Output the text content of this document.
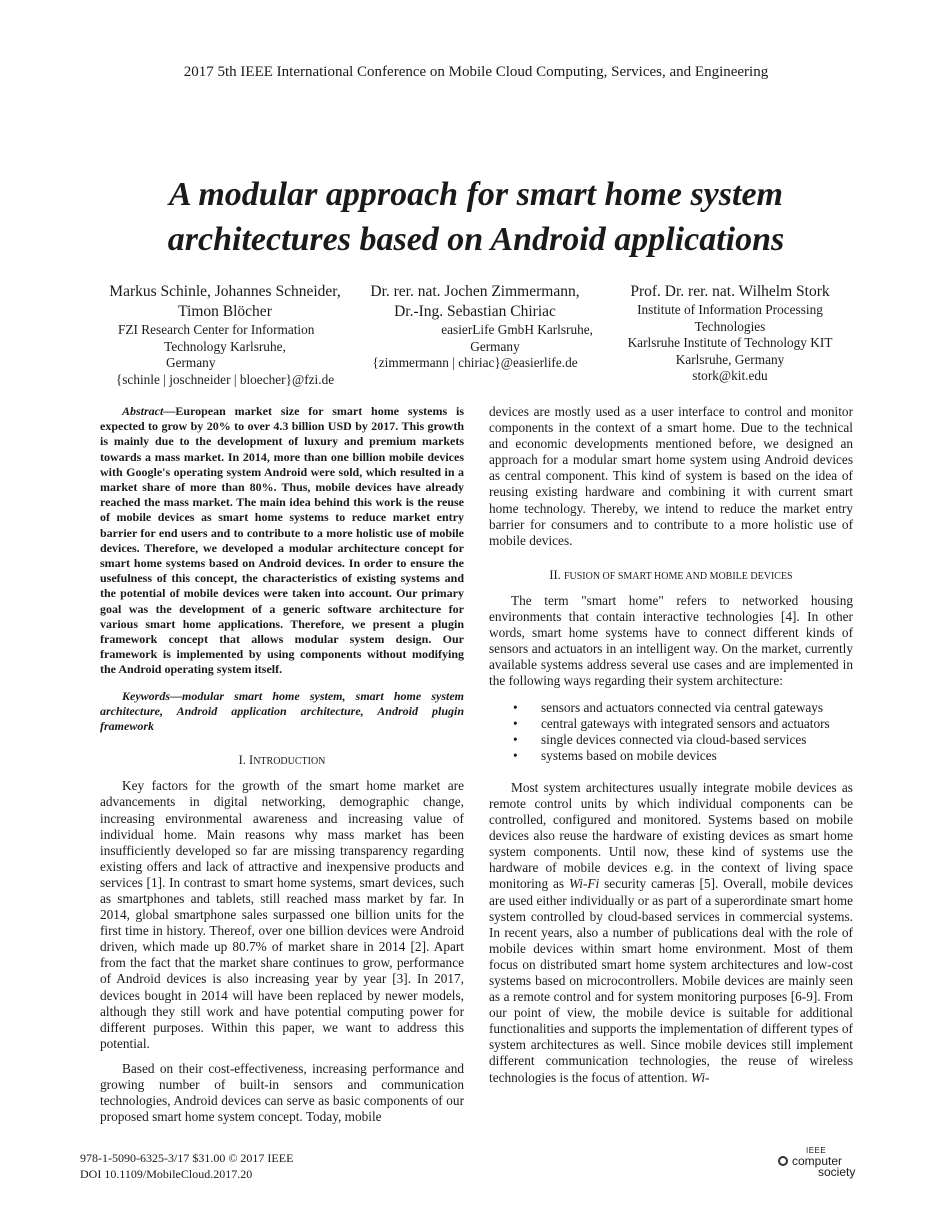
2017 5th IEEE International Conference on Mobile Cloud Computing, Services, and Engineering
A modular approach for smart home system
architectures based on Android applications
Markus Schinle, Johannes Schneider,
Timon Blöcher
FZI Research Center for Information
Technology Karlsruhe,
Germany
{schinle | joschneider | bloecher}@fzi.de
Dr. rer. nat. Jochen Zimmermann,
Dr.-Ing. Sebastian Chiriac
easierLife GmbH Karlsruhe,
Germany
{zimmermann | chiriac}@easierlife.de
Prof. Dr. rer. nat. Wilhelm Stork
Institute of Information Processing
Technologies
Karlsruhe Institute of Technology KIT
Karlsruhe, Germany
stork@kit.edu

Abstract—European market size for smart home systems is expected to grow by 20% to over 4.3 billion USD by 2017. This growth is mainly due to the development of luxury and premium markets towards a mass market. In 2014, more than one billion mobile devices with Google's operating system Android were sold, which resulted in a market share of more than 80%. Thus, mobile devices have already reached the mass market. The main idea behind this work is the reuse of mobile devices as smart home systems to reduce market entry barrier for end users and to contribute to a more holistic use of mobile devices. Therefore, we developed a modular architecture concept for smart home systems based on Android devices. In order to ensure the usefulness of this concept, the characteristics of existing systems and the potential of mobile devices were taken into account. Our primary goal was the development of a generic software architecture for various smart home applications. Therefore, we present a plugin framework concept that allows modular system design. Our framework is implemented by using components without modifying the Android operating system itself.

Keywords—modular smart home system, smart home system architecture, Android application architecture, Android plugin framework

I. INTRODUCTION

Key factors for the growth of the smart home market are advancements in digital networking, demographic change, increasing environmental awareness and increasing value of individual home. Main reasons why mass market has been insufficiently developed so far are missing transparency regarding existing offers and lack of attractive and inexpensive products and services [1]. In contrast to smart home systems, smart devices, such as smartphones and tablets, still reached mass market by far. In 2014, global smartphone sales surpassed one billion units for the first time in history. Thereof, over one billion devices were Android driven, which made up 80.7% of market share in 2014 [2]. Apart from the fact that the market share continues to grow, performance of Android devices is also increasing year by year [3]. In 2017, devices bought in 2014 will have been replaced by newer models, although they still work and have potential computing power for different purposes. Within this paper, we want to address this potential.

Based on their cost-effectiveness, increasing performance and growing number of built-in sensors and communication technologies, Android devices can serve as basic components of our proposed smart home system concept. Today, mobile

devices are mostly used as a user interface to control and monitor components in the context of a smart home. Due to the technical and economic developments mentioned before, we designed an approach for a modular smart home system using Android devices as central component. This kind of system is based on the idea of reusing existing hardware and combining it with current smart home technology. Thereby, we intend to reduce the market entry barrier for consumers and to contribute to a more holistic use of mobile devices.

II. FUSION OF SMART HOME AND MOBILE DEVICES

The term "smart home" refers to networked housing environments that contain interactive technologies [4]. In other words, smart home systems have to connect different kinds of sensors and actuators in an intelligent way. On the market, currently available systems address several use cases and are implemented in the following ways regarding their system architecture:

• sensors and actuators connected via central gateways
• central gateways with integrated sensors and actuators
• single devices connected via cloud-based services
• systems based on mobile devices

Most system architectures usually integrate mobile devices as remote control units by which individual components can be controlled, configured and monitored. Systems based on mobile devices also reuse the hardware of existing devices as smart home system components. Until now, these kind of systems use the hardware of mobile devices e.g. in the context of living space monitoring as Wi-Fi security cameras [5]. Overall, mobile devices are used either individually or as part of a superordinate smart home system controlled by cloud-based services in commercial systems. In recent years, also a number of publications deal with the role of mobile devices within smart home environment. Most of them focus on distributed smart home system architectures and low-cost systems based on microcontrollers. Mobile devices are mainly seen as a remote control and for system monitoring purposes [6-9]. From our point of view, the mobile device is suitable for additional functionalities and supports the implementation of different types of system architectures as well. Since mobile devices still implement different communication technologies, the reuse of wireless technologies is the focus of attention. Wi-

978-1-5090-6325-3/17 $31.00 © 2017 IEEE
DOI 10.1109/MobileCloud.2017.20
IEEE
computer
society
